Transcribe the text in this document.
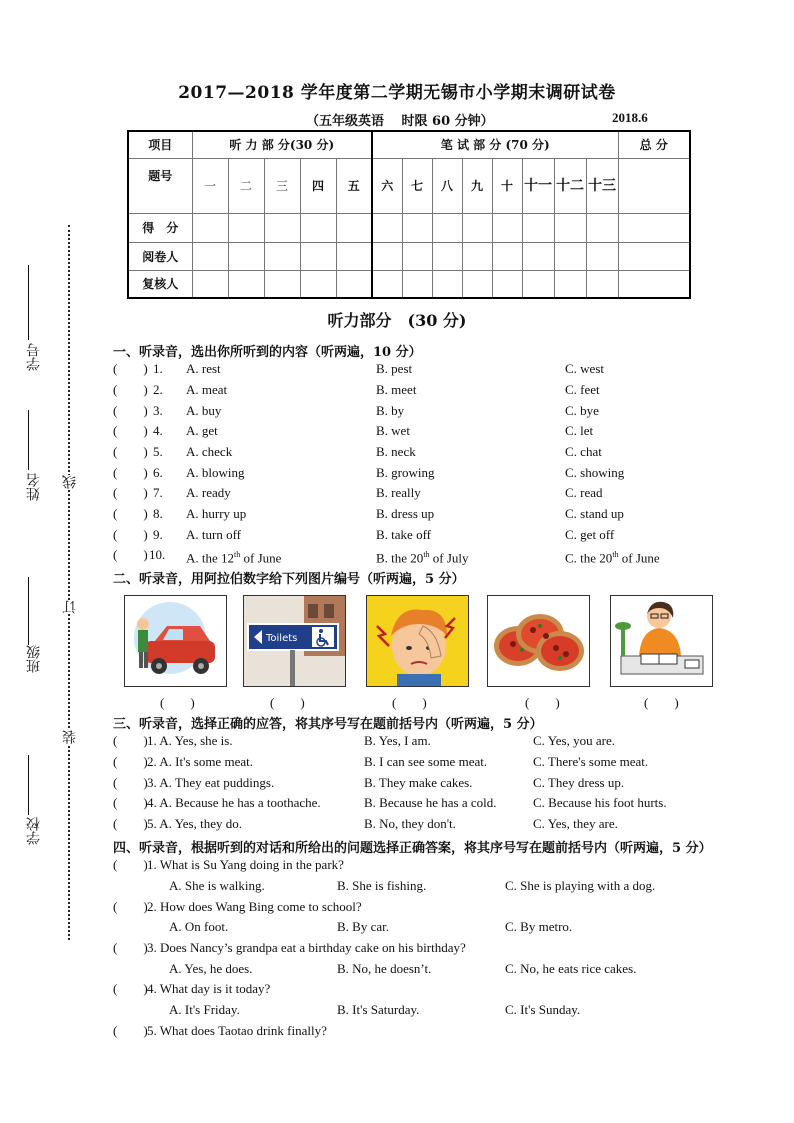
2017—2018 学年度第二学期无锡市小学期末调研试卷
（五年级英语　 时限 60 分钟）	2018.6
项目	听 力 部 分(30 分)					笔 试 部 分 (70 分)								总 分
题号	一	二	三	四	五	六	七	八	九	十	十一	十二	十三	
得　分														
阅卷人														
复核人														
学号
姓名 线
班级
订
装
学校
听力部分　(30 分)
一、听录音，选出你所听到的内容（听两遍，10 分）
(　　) 1. A. rest	B. pest	C. west
(　　) 2. A. meat	B. meet	C. feet
(　　) 3. A. buy	B. by	C. bye
(　　) 4. A. get	B. wet	C. let
(　　) 5. A. check	B. neck	C. chat
(　　) 6. A. blowing	B. growing	C. showing
(　　) 7. A. ready	B. really	C. read
(　　) 8. A. hurry up	B. dress up	C. stand up
(　　) 9. A. turn off	B. take off	C. get off
(　　) 10. A. the 12th of June	B. the 20th of July	C. the 20th of June
二、听录音，用阿拉伯数字给下列图片编号（听两遍，5 分）
Toilets
(　　)	(　　)	(　　)	(　　)	(　　)
三、听录音，选择正确的应答，将其序号写在题前括号内（听两遍，5 分）
(　　) 1. A. Yes, she is.	B. Yes, I am.	C. Yes, you are.
(　　) 2. A. It's some meat.	B. I can see some meat.	C. There's some meat.
(　　) 3. A. They eat puddings.	B. They make cakes.	C. They dress up.
(　　) 4. A. Because he has a toothache.	B. Because he has a cold.	C. Because his foot hurts.
(　　) 5. A. Yes, they do.	B. No, they don't.	C. Yes, they are.
四、听录音，根据听到的对话和所给出的问题选择正确答案，将其序号写在题前括号内（听两遍，5 分）
(　　) 1. What is Su Yang doing in the park?
A. She is walking.	B. She is fishing.	C. She is playing with a dog.
(　　) 2. How does Wang Bing come to school?
A. On foot.	B. By car.	C. By metro.
(　　) 3. Does Nancy’s grandpa eat a birthday cake on his birthday?
A. Yes, he does.	B. No, he doesn’t.	C. No, he eats rice cakes.
(　　) 4. What day is it today?
A. It's Friday.	B. It's Saturday.	C. It's Sunday.
(　　) 5. What does Taotao drink finally?
